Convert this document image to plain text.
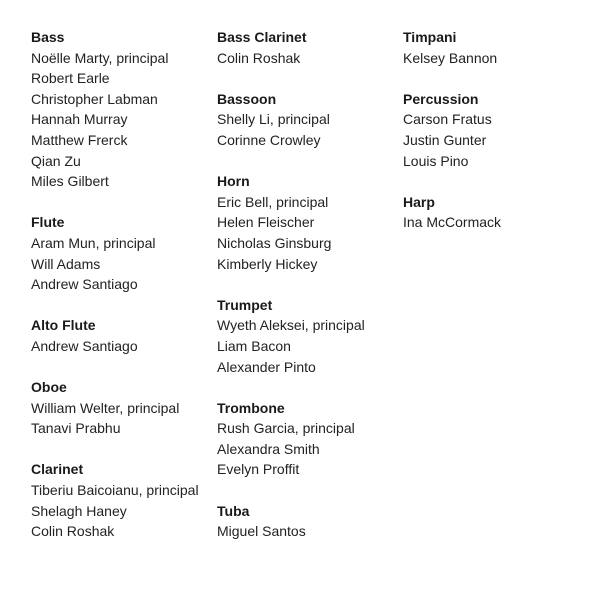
Bass
Noëlle Marty, principal
Robert Earle
Christopher Labman
Hannah Murray
Matthew Frerck
Qian Zu
Miles Gilbert
Flute
Aram Mun, principal
Will Adams
Andrew Santiago
Alto Flute
Andrew Santiago
Oboe
William Welter, principal
Tanavi Prabhu
Clarinet
Tiberiu Baicoianu, principal
Shelagh Haney
Colin Roshak
Bass Clarinet
Colin Roshak
Bassoon
Shelly Li, principal
Corinne Crowley
Horn
Eric Bell, principal
Helen Fleischer
Nicholas Ginsburg
Kimberly Hickey
Trumpet
Wyeth Aleksei, principal
Liam Bacon
Alexander Pinto
Trombone
Rush Garcia, principal
Alexandra Smith
Evelyn Proffit
Tuba
Miguel Santos
Timpani
Kelsey Bannon
Percussion
Carson Fratus
Justin Gunter
Louis Pino
Harp
Ina McCormack
